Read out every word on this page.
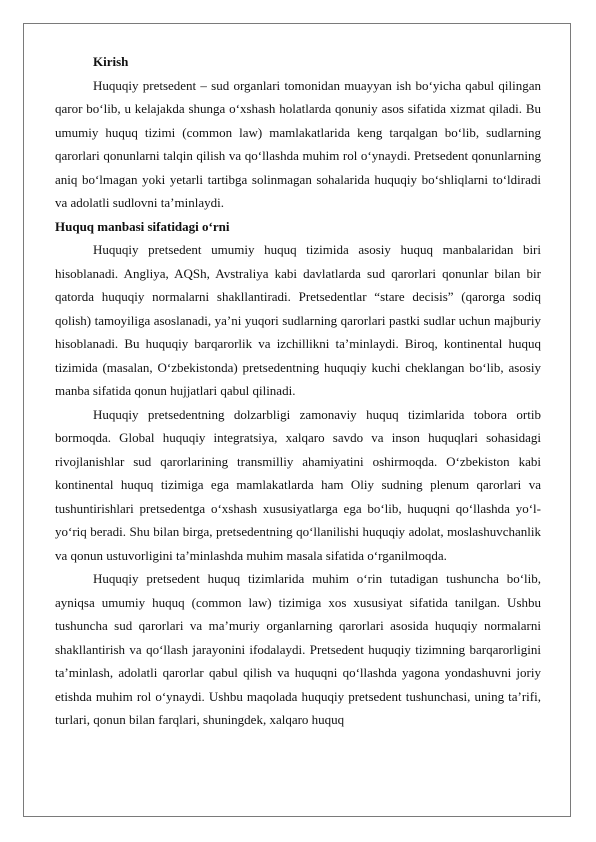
Kirish

Huquqiy pretsedent – sud organlari tomonidan muayyan ish bo‘yicha qabul qilingan qaror bo‘lib, u kelajakda shunga o‘xshash holatlarda qonuniy asos sifatida xizmat qiladi. Bu umumiy huquq tizimi (common law) mamlakatlarida keng tarqalgan bo‘lib, sudlarning qarorlari qonunlarni talqin qilish va qo‘llashda muhim rol o‘ynaydi. Pretsedent qonunlarning aniq bo‘lmagan yoki yetarli tartibga solinmagan sohalarida huquqiy bo‘shliqlarni to‘ldiradi va adolatli sudlovni ta’minlaydi.

Huquq manbasi sifatidagi o‘rni

Huquqiy pretsedent umumiy huquq tizimida asosiy huquq manbalaridan biri hisoblanadi. Angliya, AQSh, Avstraliya kabi davlatlarda sud qarorlari qonunlar bilan bir qatorda huquqiy normalarni shakllantiradi. Pretsedentlar “stare decisis” (qarorga sodiq qolish) tamoyiliga asoslanadi, ya’ni yuqori sudlarning qarorlari pastki sudlar uchun majburiy hisoblanadi. Bu huquqiy barqarorlik va izchillikni ta’minlaydi. Biroq, kontinental huquq tizimida (masalan, O‘zbekistonda) pretsedentning huquqiy kuchi cheklangan bo‘lib, asosiy manba sifatida qonun hujjatlari qabul qilinadi.

Huquqiy pretsedentning dolzarbligi zamonaviy huquq tizimlarida tobora ortib bormoqda. Global huquqiy integratsiya, xalqaro savdo va inson huquqlari sohasidagi rivojlanishlar sud qarorlarining transmilliy ahamiyatini oshirmoqda. O‘zbekiston kabi kontinental huquq tizimiga ega mamlakatlarda ham Oliy sudning plenum qarorlari va tushuntirishlari pretsedentga o‘xshash xususiyatlarga ega bo‘lib, huquqni qo‘llashda yo‘l-yo‘riq beradi. Shu bilan birga, pretsedentning qo‘llanilishi huquqiy adolat, moslashuvchanlik va qonun ustuvorligini ta’minlashda muhim masala sifatida o‘rganilmoqda.

Huquqiy pretsedent huquq tizimlarida muhim o‘rin tutadigan tushuncha bo‘lib, ayniqsa umumiy huquq (common law) tizimiga xos xususiyat sifatida tanilgan. Ushbu tushuncha sud qarorlari va ma’muriy organlarning qarorlari asosida huquqiy normalarni shakllantirish va qo‘llash jarayonini ifodalaydi. Pretsedent huquqiy tizimning barqarorligini ta’minlash, adolatli qarorlar qabul qilish va huquqni qo‘llashda yagona yondashuvni joriy etishda muhim rol o‘ynaydi. Ushbu maqolada huquqiy pretsedent tushunchasi, uning ta’rifi, turlari, qonun bilan farqlari, shuningdek, xalqaro huquq
